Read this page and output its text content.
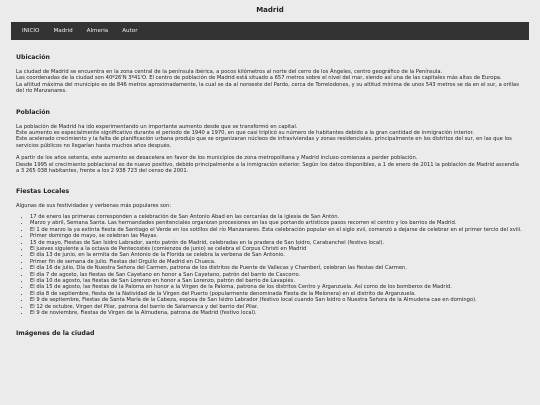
Madrid
INICIO	Madrid	Almeria	Autor
Ubicación

La ciudad de Madrid se encuentra en la zona central de la península ibérica, a pocos kilómetros al norte del cerro de los Ángeles, centro geográfico de la Península.

Las coordenadas de la ciudad son 40º26'N 3º41'O. El centro de población de Madrid está situado a 657 metros sobre el nivel del mar, siendo así una de las capitales más altas de Europa.

La altitud máxima del municipio es de 846 metros aproximadamente, la cual se da al noroeste del Pardo, cerca de Torrelodones, y su altitud mínima de unos 543 metros se da en el sur, a orillas del río Manzanares.

Población

La población de Madrid ha ido experimentando un importante aumento desde que se transformó en capital.

Este aumento es especialmente significativo durante el periodo de 1940 a 1970, en que casi triplicó su número de habitantes debido a la gran cantidad de inmigración interior.

Este acelerado crecimiento y la falta de planificación urbana produjo que se organizaran núcleos de infraviviendas y zonas residenciales, principalmente en los distritos del sur, en las que los servicios públicos no llegarían hasta muchos años después.

A partir de los años setenta, este aumento se desacelera en favor de los municipios de zona metropolitana y Madrid incluso comienza a perder población.

Desde 1995 el crecimiento poblacional es de nuevo positivo, debido principalmente a la inmigración exterior. Según los datos disponibles, a 1 de enero de 2011 la población de Madrid ascendía a 3 265 038 habitantes, frente a los 2 938 723 del censo de 2001.

Fiestas Locales
Algunas de sus festividades y verbenas más populares son:
• 17 de enero las primeras corresponden a celebración de San Antonio Abad en las cercanías de la iglesia de San Antón.
• Marzo y abril, Semana Santa. Las hermandades penitenciales organizan procesiones en las que portando artísticos pasos recorren el centro y los barrios de Madrid.
• El 1 de marzo la ya extinta fiesta de Santiago el Verde en los sotillos del río Manzanares. Esta celebración popular en el siglo xvii, comenzó a dejarse de celebrar en el primer tercio del xviii.
• Primer domingo de mayo, se celebran las Mayas.
• 15 de mayo, Fiestas de San Isidro Labrador, santo patrón de Madrid, celebradas en la pradera de San Isidro, Carabanchel (festivo local).
• El jueves siguiente a la octava de Pentecostés (comienzos de junio) se celebra el Corpus Christi en Madrid
• El día 13 de junio, en la ermita de San Antonio de la Florida se celebra la verbena de San Antonio.
• Primer fin de semana de julio. Fiestas del Orgullo de Madrid en Chueca.
• El día 16 de julio, Día de Nuestra Señora del Carmen, patrona de los distritos de Puente de Vallecas y Chamberí, celebran las fiestas del Carmen.
• El día 7 de agosto, las fiestas de San Cayetano en honor a San Cayetano, patrón del barrio de Cascorro.
• El día 10 de agosto, las fiestas de San Lorenzo en honor a San Lorenzo, patrón del barrio de Lavapiés.
• El día 15 de agosto, las fiestas de la Paloma en honor a la Virgen de la Paloma, patrona de los distritos Centro y Arganzuela. Así como de los bomberos de Madrid.
• El día 8 de septiembre, fiesta de la Natividad de la Virgen del Puerto (popularmente denominada Fiesta de la Melonera) en el distrito de Arganzuela.
• El 9 de septiembre, Fiestas de Santa María de la Cabeza, esposa de San Isidro Labrador (festivo local cuando San Isidro o Nuestra Señora de la Almudena cae en domingo).
• El 12 de octubre, Virgen del Pilar, patrona del barrio de Salamanca y del barrio del Pilar.
• El 9 de noviembre, Fiestas de Virgen de la Almudena, patrona de Madrid (festivo local).
Imágenes de la ciudad
